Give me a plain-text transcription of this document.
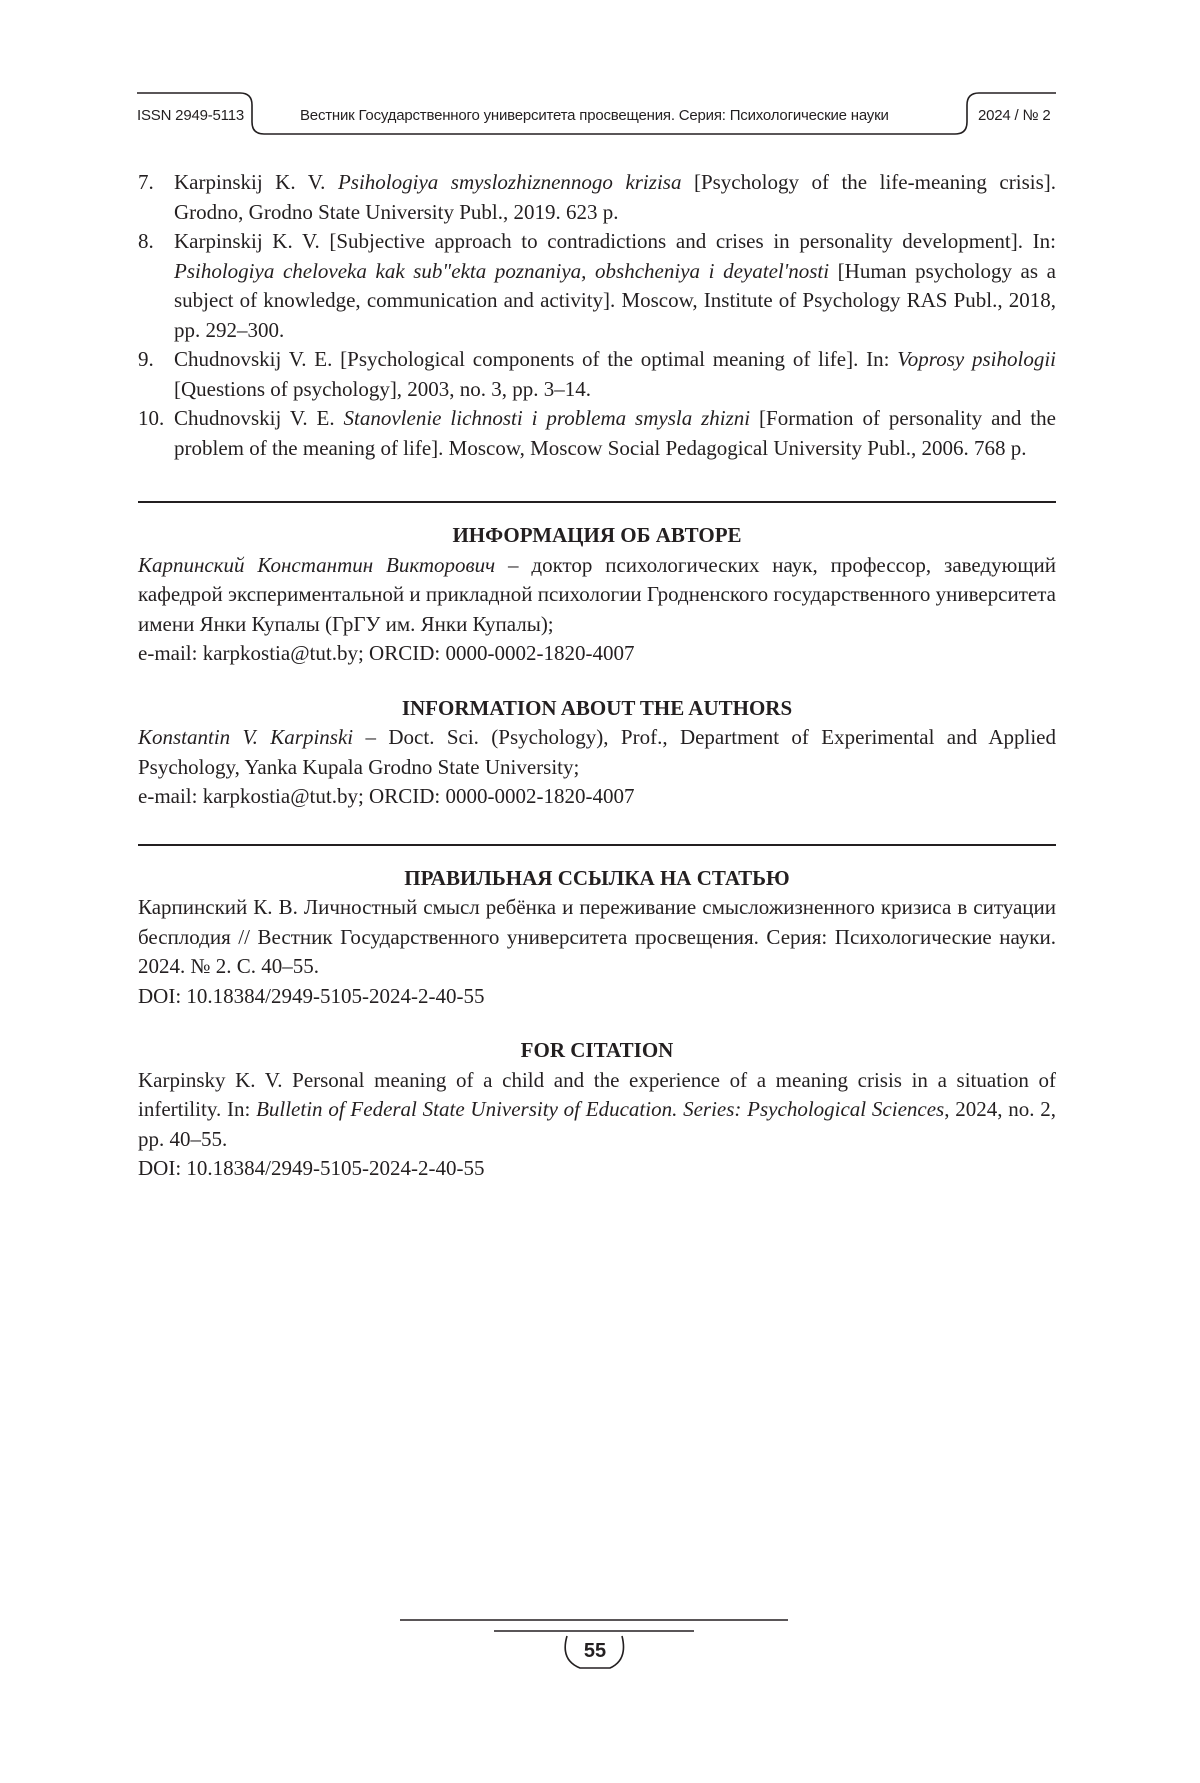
ISSN 2949-5113	Вестник Государственного университета просвещения. Серия: Психологические науки	2024 / № 2
7. Karpinskij K. V. Psihologiya smyslozhiznennogo krizisa [Psychology of the life-meaning crisis]. Grodno, Grodno State University Publ., 2019. 623 p.
8. Karpinskij K. V. [Subjective approach to contradictions and crises in personality development]. In: Psihologiya cheloveka kak sub"ekta poznaniya, obshcheniya i deyatel'nosti [Human psychology as a subject of knowledge, communication and activity]. Moscow, Institute of Psychology RAS Publ., 2018, pp. 292–300.
9. Chudnovskij V. E. [Psychological components of the optimal meaning of life]. In: Voprosy psihologii [Questions of psychology], 2003, no. 3, pp. 3–14.
10. Chudnovskij V. E. Stanovlenie lichnosti i problema smysla zhizni [Formation of personality and the problem of the meaning of life]. Moscow, Moscow Social Pedagogical University Publ., 2006. 768 p.
ИНФОРМАЦИЯ ОБ АВТОРЕ

Карпинский Константин Викторович – доктор психологических наук, профессор, заведующий кафедрой экспериментальной и прикладной психологии Гродненского государственного университета имени Янки Купалы (ГрГУ им. Янки Купалы);
e-mail: karpkostia@tut.by; ORCID: 0000-0002-1820-4007

INFORMATION ABOUT THE AUTHORS

Konstantin V. Karpinski – Doct. Sci. (Psychology), Prof., Department of Experimental and Applied Psychology, Yanka Kupala Grodno State University;
e-mail: karpkostia@tut.by; ORCID: 0000-0002-1820-4007

ПРАВИЛЬНАЯ ССЫЛКА НА СТАТЬЮ

Карпинский К. В. Личностный смысл ребёнка и переживание смысложизненного кризиса в ситуации бесплодия // Вестник Государственного университета просвещения. Серия: Психологические науки. 2024. № 2. С. 40–55.
DOI: 10.18384/2949-5105-2024-2-40-55

FOR CITATION

Karpinsky K. V. Personal meaning of a child and the experience of a meaning crisis in a situation of infertility. In: Bulletin of Federal State University of Education. Series: Psychological Sciences, 2024, no. 2, pp. 40–55.
DOI: 10.18384/2949-5105-2024-2-40-55

55
